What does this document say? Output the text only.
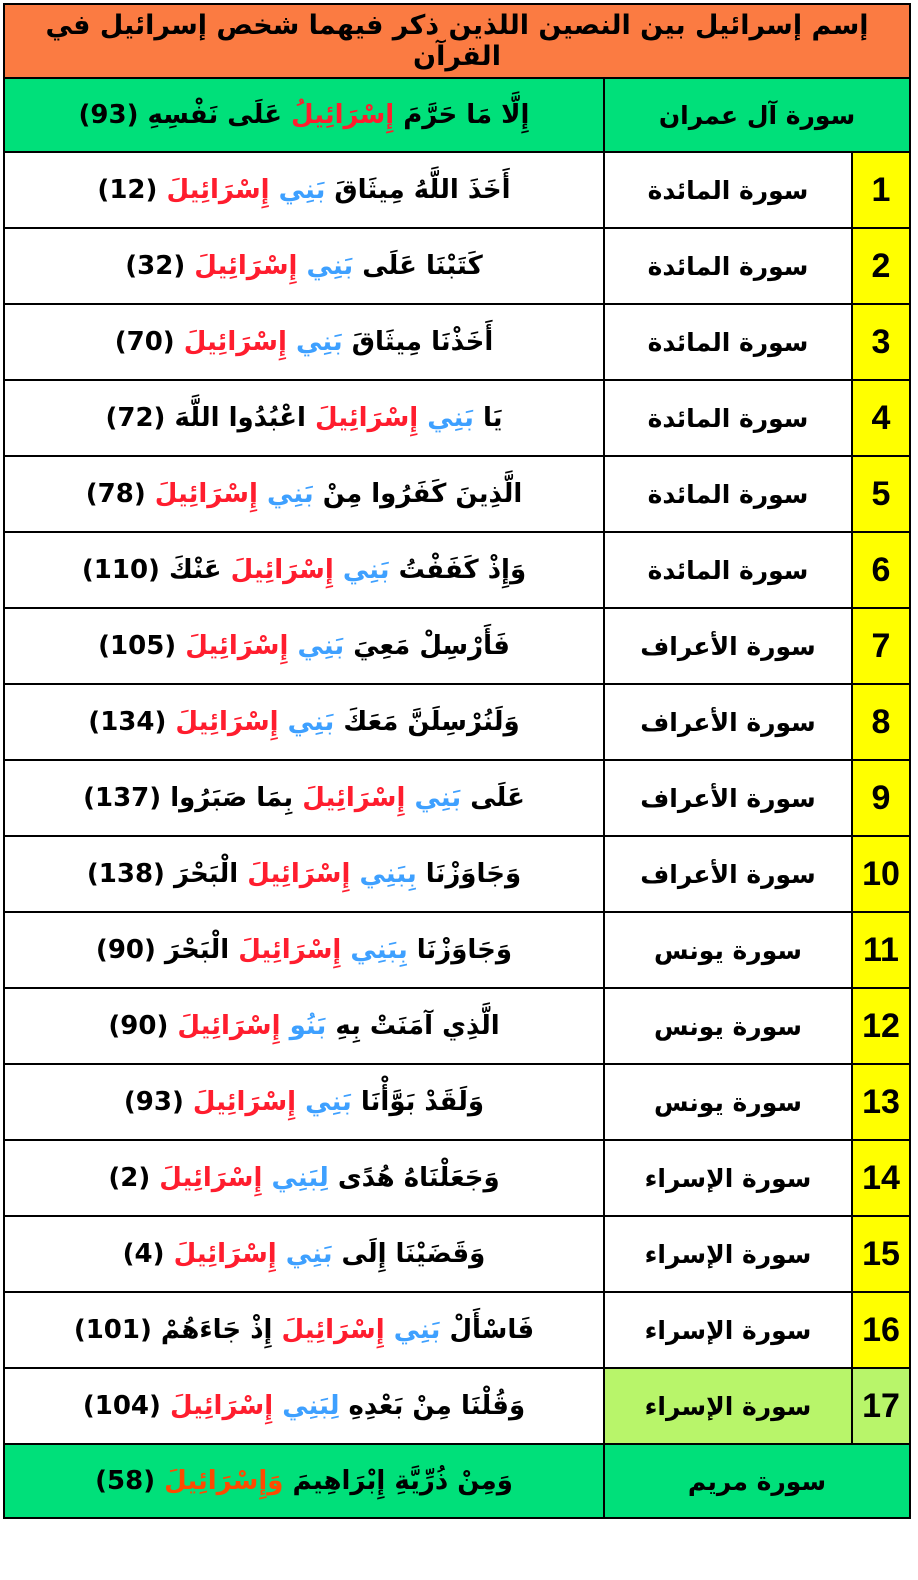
إسم إسرائيل بين النصين اللذين ذكر فيهما شخص إسرائيل في القرآن		
سورة آل عمران		إِلَّا مَا حَرَّمَ إِسْرَائِيلُ عَلَى نَفْسِهِ (93)
1	سورة المائدة	أَخَذَ اللَّهُ مِيثَاقَ بَنِي إِسْرَائِيلَ (12)
2	سورة المائدة	كَتَبْنَا عَلَى بَنِي إِسْرَائِيلَ (32)
3	سورة المائدة	أَخَذْنَا مِيثَاقَ بَنِي إِسْرَائِيلَ (70)
4	سورة المائدة	يَا بَنِي إِسْرَائِيلَ اعْبُدُوا اللَّهَ (72)
5	سورة المائدة	الَّذِينَ كَفَرُوا مِنْ بَنِي إِسْرَائِيلَ (78)
6	سورة المائدة	وَإِذْ كَفَفْتُ بَنِي إِسْرَائِيلَ عَنْكَ (110)
7	سورة الأعراف	فَأَرْسِلْ مَعِيَ بَنِي إِسْرَائِيلَ (105)
8	سورة الأعراف	وَلَنُرْسِلَنَّ مَعَكَ بَنِي إِسْرَائِيلَ (134)
9	سورة الأعراف	عَلَى بَنِي إِسْرَائِيلَ بِمَا صَبَرُوا (137)
10	سورة الأعراف	وَجَاوَزْنَا بِبَنِي إِسْرَائِيلَ الْبَحْرَ (138)
11	سورة يونس	وَجَاوَزْنَا بِبَنِي إِسْرَائِيلَ الْبَحْرَ (90)
12	سورة يونس	الَّذِي آمَنَتْ بِهِ بَنُو إِسْرَائِيلَ (90)
13	سورة يونس	وَلَقَدْ بَوَّأْنَا بَنِي إِسْرَائِيلَ (93)
14	سورة الإسراء	وَجَعَلْنَاهُ هُدًى لِبَنِي إِسْرَائِيلَ (2)
15	سورة الإسراء	وَقَضَيْنَا إِلَى بَنِي إِسْرَائِيلَ (4)
16	سورة الإسراء	فَاسْأَلْ بَنِي إِسْرَائِيلَ إِذْ جَاءَهُمْ (101)
17	سورة الإسراء	وَقُلْنَا مِنْ بَعْدِهِ لِبَنِي إِسْرَائِيلَ (104)
سورة مريم		وَمِنْ ذُرِّيَّةِ إِبْرَاهِيمَ وَإِسْرَائِيلَ (58)
